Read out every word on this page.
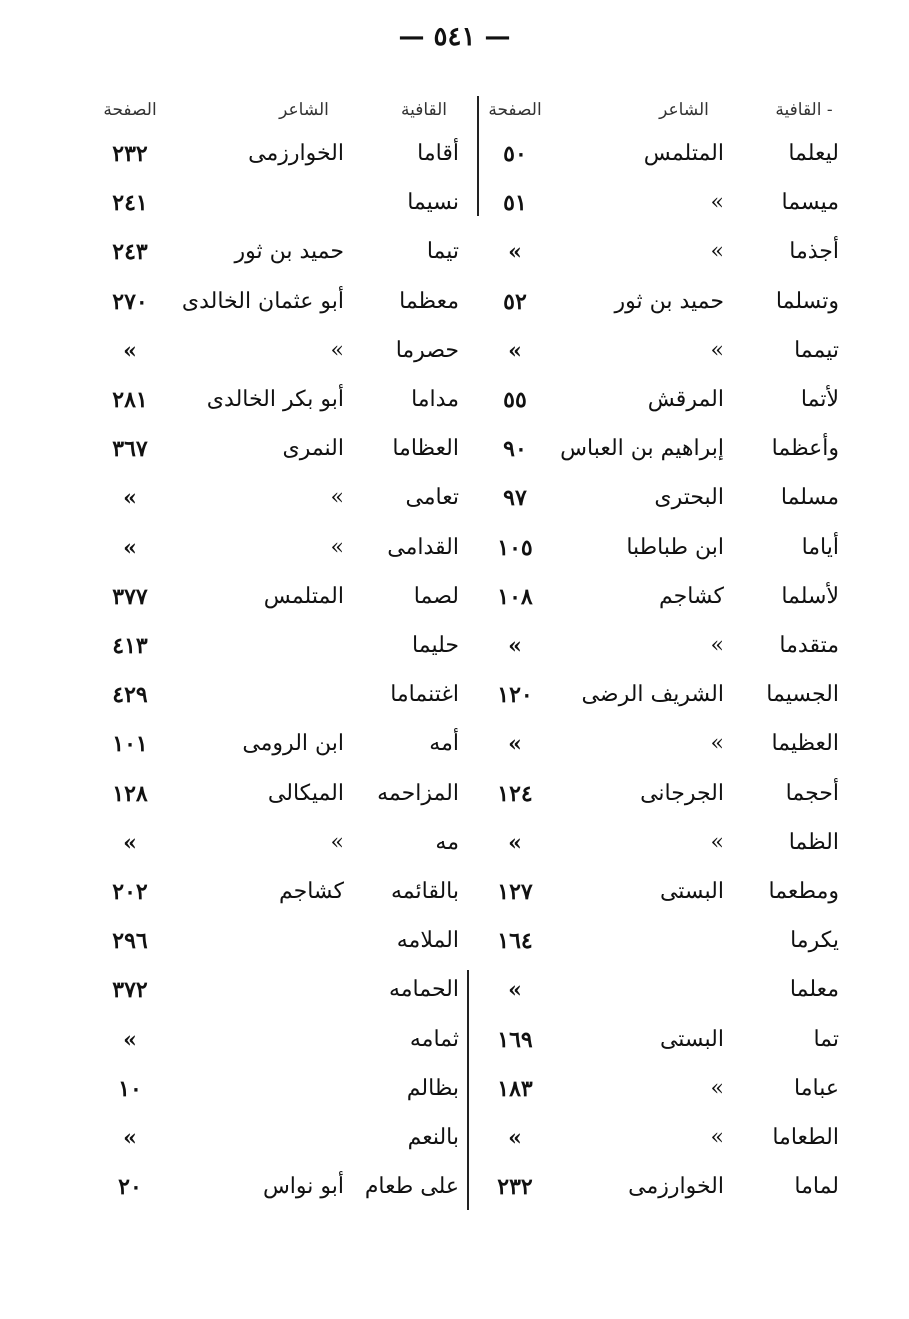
— ٥٤١ —
القافية -
الشاعر
الصفحة
القافية
الشاعر
الصفحة
ليعلما
المتلمس
٥٠
أقاما
الخوارزمى
٢٣٢
ميسما
«
٥١
نسيما
٢٤١
أجذما
«
«
تيما
حميد بن ثور
٢٤٣
وتسلما
حميد بن ثور
٥٢
معظما
أبو عثمان الخالدى
٢٧٠
تيمما
«
«
حصرما
«
«
لأتما
المرقش
٥٥
مداما
أبو بكر الخالدى
٢٨١
وأعظما
إبراهيم بن العباس
٩٠
العظاما
النمرى
٣٦٧
مسلما
البحترى
٩٧
تعامى
«
«
أياما
ابن طباطبا
١٠٥
القدامى
«
«
لأسلما
كشاجم
١٠٨
لصما
المتلمس
٣٧٧
متقدما
«
«
حليما
٤١٣
الجسيما
الشريف الرضى
١٢٠
اغتنماما
٤٢٩
العظيما
«
«
أمه
ابن الرومى
١٠١
أحجما
الجرجانى
١٢٤
المزاحمه
الميكالى
١٢٨
الظما
«
«
مه
«
«
ومطعما
البستى
١٢٧
بالقائمه
كشاجم
٢٠٢
يكرما
١٦٤
الملامه
٢٩٦
معلما
«
الحمامه
٣٧٢
تما
البستى
١٦٩
ثمامه
«
عباما
«
١٨٣
بظالم
١٠
الطعاما
«
«
بالنعم
«
لماما
الخوارزمى
٢٣٢
على طعام
أبو نواس
٢٠
